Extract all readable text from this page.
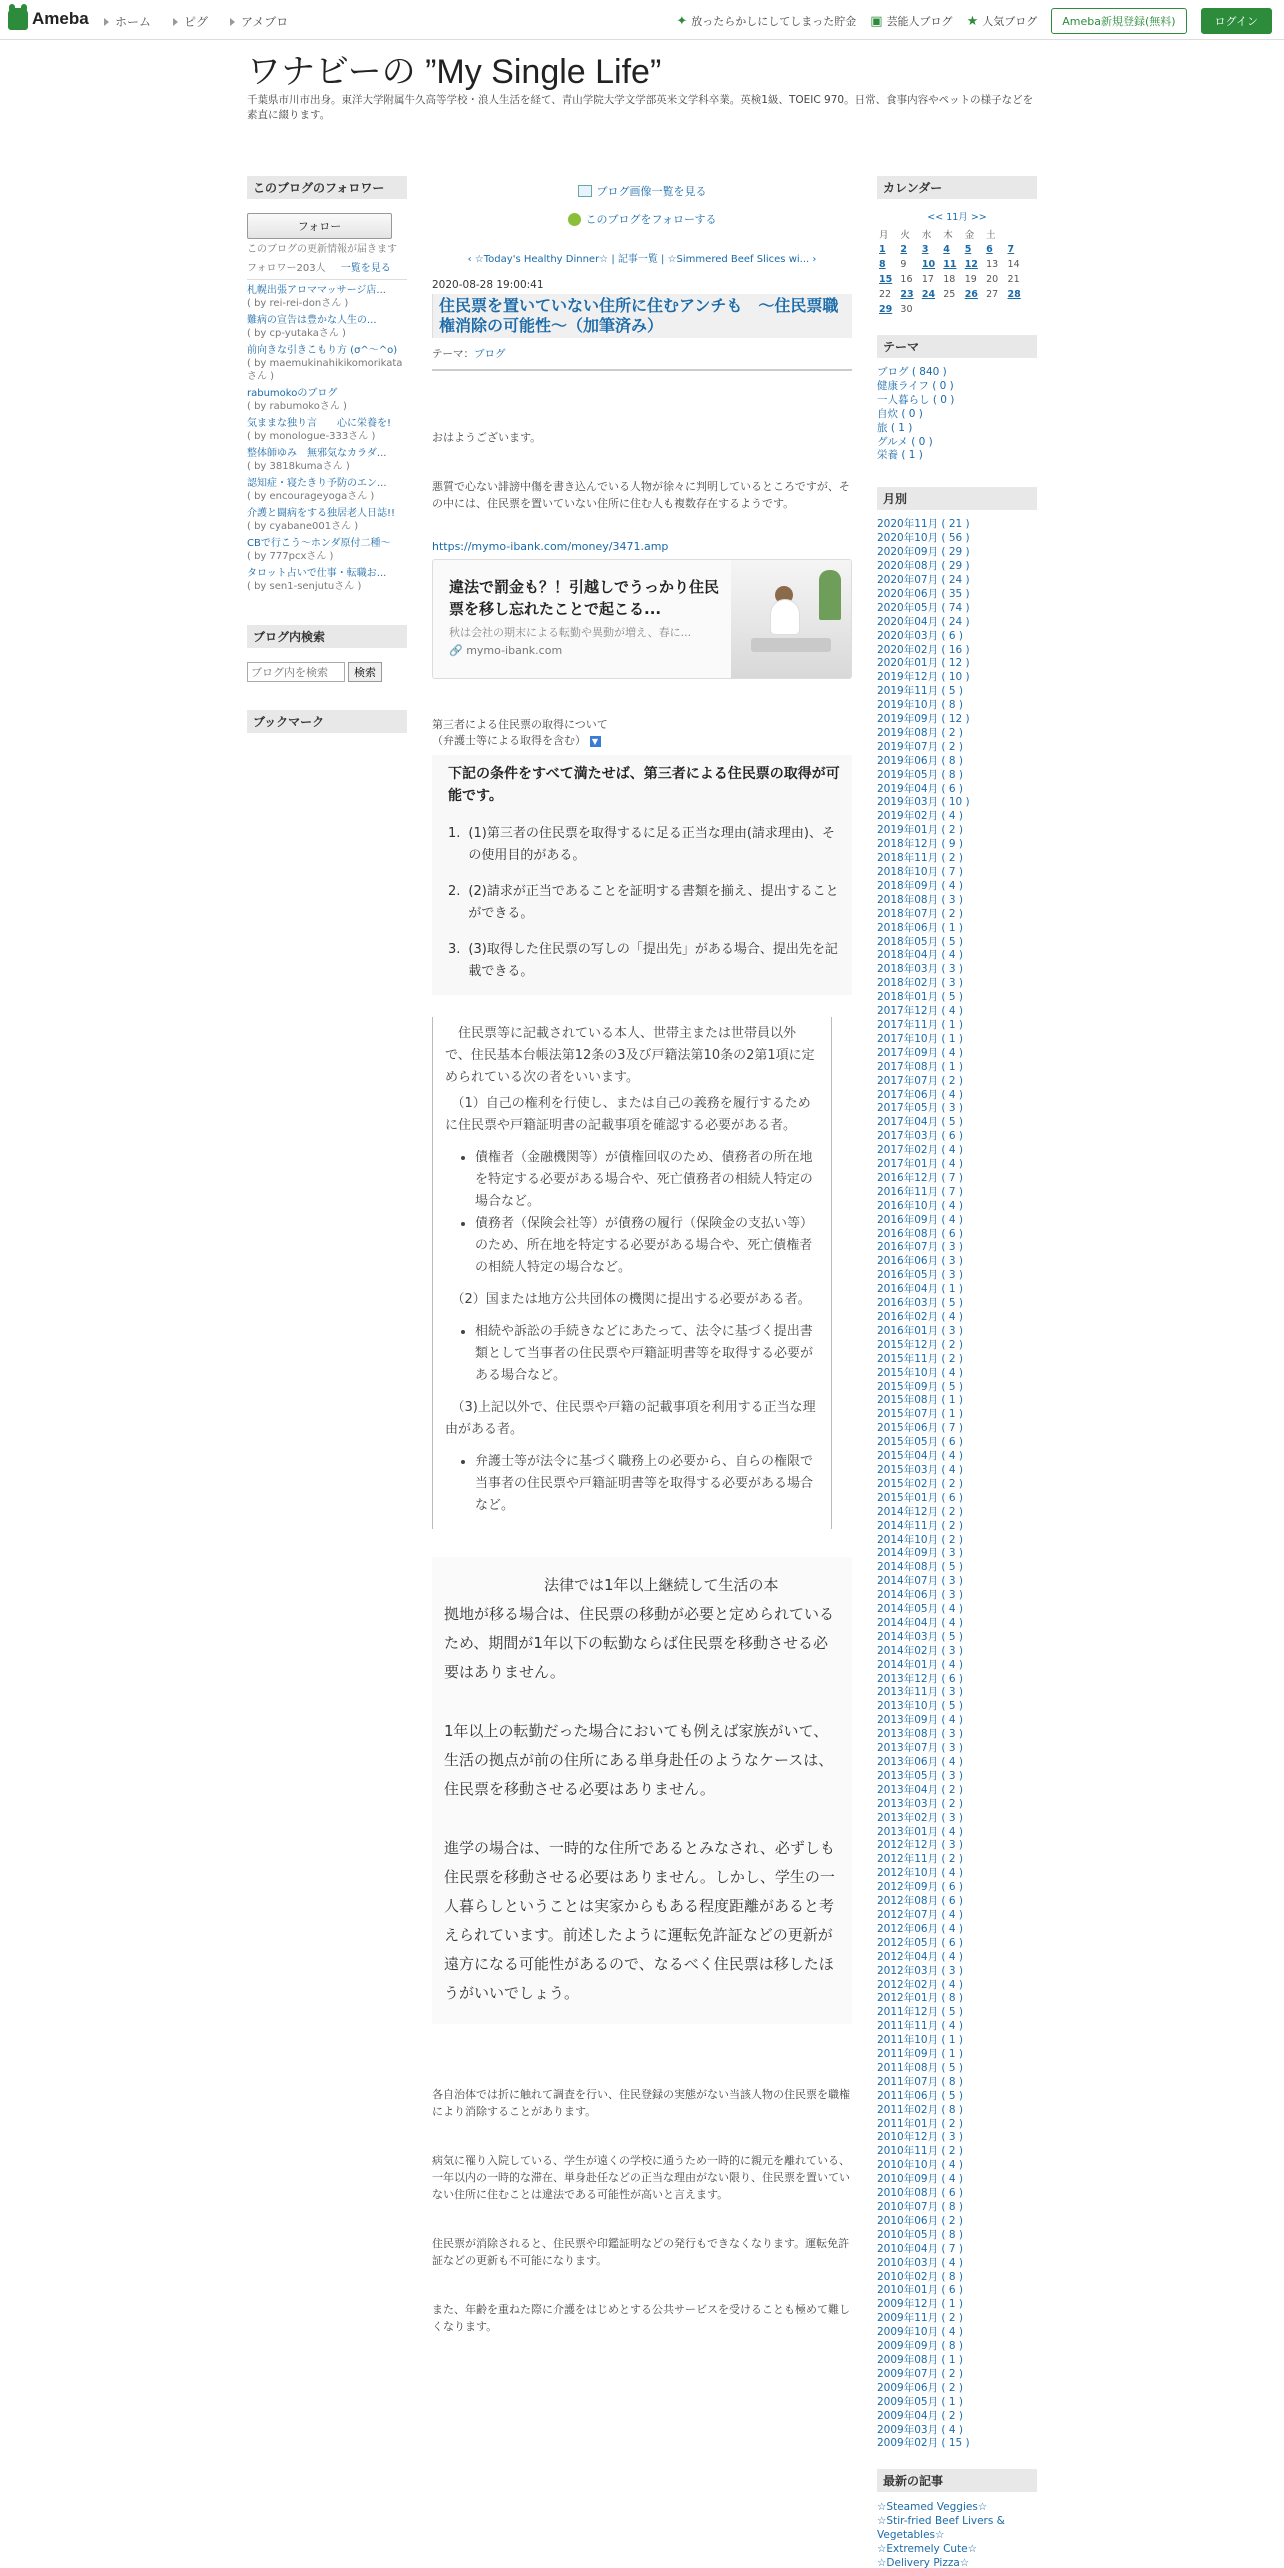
Ameba ホーム	ピグ	アメブロ	✦ 放ったらかしにしてしまった貯金 ▣ 芸能人ブログ ★ 人気ブログ	Ameba新規登録(無料)	ログイン
ワナビーの ”My Single Life”
千葉県市川市出身。東洋大学附属牛久高等学校・浪人生活を経て、青山学院大学文学部英米文学科卒業。英検1級、TOEIC 970。日常、食事内容やペットの様子などを素直に綴ります。
このブログのフォロワー
フォロー
このブログの更新情報が届きます
フォロワー203人 一覧を見る
札幌出張アロママッサージ店...
( by rei-rei-donさん )
難病の宣告は豊かな人生の...
( by cp-yutakaさん )
前向きな引きこもり方 (σ^～^o)
( by maemukinahikikomorikataさん )
rabumokoのブログ
( by rabumokoさん )
気ままな独り言　　心に栄養を!
( by monologue-333さん )
整体師ゆみ　無邪気なカラダ...
( by 3818kumaさん )
認知症・寝たきり予防のエン...
( by encourageyogaさん )
介護と闘病をする独居老人日誌!!
( by cyabane001さん )
CBで行こう〜ホンダ原付二種〜
( by 777pcxさん )
タロット占いで仕事・転職お...
( by sen1-senjutuさん )
ブログ内検索
ブログ内を検索
検索
ブックマーク
ブログ画像一覧を見る
このブログをフォローする
‹ ☆Today's Healthy Dinner☆ | 記事一覧 | ☆Simmered Beef Slices wi... ›
2020-08-28 19:00:41
住民票を置いていない住所に住むアンチも　〜住民票職権消除の可能性〜（加筆済み）
テーマ：ブログ
おはようございます。
悪質で心ない誹謗中傷を書き込んでいる人物が徐々に判明しているところですが、その中には、住民票を置いていない住所に住む人も複数存在するようです。
https://mymo-ibank.com/money/3471.amp
違法で罰金も？！引越しでうっかり住民票を移し忘れたことで起こる...
秋は会社の期末による転勤や異動が増え、春に...
🔗 mymo-ibank.com
第三者による住民票の取得について
（弁護士等による取得を含む） ▼
下記の条件をすべて満たせば、第三者による住民票の取得が可能です。
1. (1)第三者の住民票を取得するに足る正当な理由(請求理由)、その使用目的がある。
2. (2)請求が正当であることを証明する書類を揃え、提出することができる。
3. (3)取得した住民票の写しの「提出先」がある場合、提出先を記載できる。

住民票等に記載されている本人、世帯主または世帯員以外で、住民基本台帳法第12条の3及び戸籍法第10条の2第1項に定められている次の者をいいます。

（1）自己の権利を行使し、または自己の義務を履行するために住民票や戸籍証明書の記載事項を確認する必要がある者。

• 債権者（金融機関等）が債権回収のため、債務者の所在地を特定する必要がある場合や、死亡債務者の相続人特定の場合など。
• 債務者（保険会社等）が債務の履行（保険金の支払い等）のため、所在地を特定する必要がある場合や、死亡債権者の相続人特定の場合など。

（2）国または地方公共団体の機関に提出する必要がある者。

• 相続や訴訟の手続きなどにあたって、法令に基づく提出書類として当事者の住民票や戸籍証明書等を取得する必要がある場合など。

（3)上記以外で、住民票や戸籍の記載事項を利用する正当な理由がある者。

• 弁護士等が法令に基づく職務上の必要から、自らの権限で当事者の住民票や戸籍証明書等を取得する必要がある場合など。

法律では1年以上継続して生活の本
拠地が移る場合は、住民票の移動が必要と定められているため、期間が1年以下の転勤ならば住民票を移動させる必要はありません。

1年以上の転勤だった場合においても例えば家族がいて、生活の拠点が前の住所にある単身赴任のようなケースは、住民票を移動させる必要はありません。

進学の場合は、一時的な住所であるとみなされ、必ずしも住民票を移動させる必要はありません。しかし、学生の一人暮らしということは実家からもある程度距離があると考えられています。前述したように運転免許証などの更新が遠方になる可能性があるので、なるべく住民票は移したほうがいいでしょう。

各自治体では折に触れて調査を行い、住民登録の実態がない当該人物の住民票を職権により消除することがあります。
病気に罹り入院している、学生が遠くの学校に通うため一時的に親元を離れている、一年以内の一時的な滞在、単身赴任などの正当な理由がない限り、住民票を置いていない住所に住むことは違法である可能性が高いと言えます。
住民票が消除されると、住民票や印鑑証明などの発行もできなくなります。運転免許証などの更新も不可能になります。
また、年齢を重ねた際に介護をはじめとする公共サービスを受けることも極めて難しくなります。
カレンダー
<< 11月 >>
月	火	水	木	金	土	
1	2	3	4	5	6	7
8	9	10	11	12	13	14
15	16	17	18	19	20	21
22	23	24	25	26	27	28
29	30					
テーマ
ブログ ( 840 )
健康ライフ ( 0 )
一人暮らし ( 0 )
自炊 ( 0 )
旅 ( 1 )
グルメ ( 0 )
栄養 ( 1 )
月別
2020年11月 ( 21 )
2020年10月 ( 56 )
2020年09月 ( 29 )
2020年08月 ( 29 )
2020年07月 ( 24 )
2020年06月 ( 35 )
2020年05月 ( 74 )
2020年04月 ( 24 )
2020年03月 ( 6 )
2020年02月 ( 16 )
2020年01月 ( 12 )
2019年12月 ( 10 )
2019年11月 ( 5 )
2019年10月 ( 8 )
2019年09月 ( 12 )
2019年08月 ( 2 )
2019年07月 ( 2 )
2019年06月 ( 8 )
2019年05月 ( 8 )
2019年04月 ( 6 )
2019年03月 ( 10 )
2019年02月 ( 4 )
2019年01月 ( 2 )
2018年12月 ( 9 )
2018年11月 ( 2 )
2018年10月 ( 7 )
2018年09月 ( 4 )
2018年08月 ( 3 )
2018年07月 ( 2 )
2018年06月 ( 1 )
2018年05月 ( 5 )
2018年04月 ( 4 )
2018年03月 ( 3 )
2018年02月 ( 3 )
2018年01月 ( 5 )
2017年12月 ( 4 )
2017年11月 ( 1 )
2017年10月 ( 1 )
2017年09月 ( 4 )
2017年08月 ( 1 )
2017年07月 ( 2 )
2017年06月 ( 4 )
2017年05月 ( 3 )
2017年04月 ( 5 )
2017年03月 ( 6 )
2017年02月 ( 4 )
2017年01月 ( 4 )
2016年12月 ( 7 )
2016年11月 ( 7 )
2016年10月 ( 4 )
2016年09月 ( 4 )
2016年08月 ( 6 )
2016年07月 ( 3 )
2016年06月 ( 3 )
2016年05月 ( 3 )
2016年04月 ( 1 )
2016年03月 ( 5 )
2016年02月 ( 4 )
2016年01月 ( 3 )
2015年12月 ( 2 )
2015年11月 ( 2 )
2015年10月 ( 4 )
2015年09月 ( 5 )
2015年08月 ( 1 )
2015年07月 ( 1 )
2015年06月 ( 7 )
2015年05月 ( 6 )
2015年04月 ( 4 )
2015年03月 ( 4 )
2015年02月 ( 2 )
2015年01月 ( 6 )
2014年12月 ( 2 )
2014年11月 ( 2 )
2014年10月 ( 2 )
2014年09月 ( 3 )
2014年08月 ( 5 )
2014年07月 ( 3 )
2014年06月 ( 3 )
2014年05月 ( 4 )
2014年04月 ( 4 )
2014年03月 ( 5 )
2014年02月 ( 3 )
2014年01月 ( 4 )
2013年12月 ( 6 )
2013年11月 ( 3 )
2013年10月 ( 5 )
2013年09月 ( 4 )
2013年08月 ( 3 )
2013年07月 ( 3 )
2013年06月 ( 4 )
2013年05月 ( 3 )
2013年04月 ( 2 )
2013年03月 ( 2 )
2013年02月 ( 3 )
2013年01月 ( 4 )
2012年12月 ( 3 )
2012年11月 ( 2 )
2012年10月 ( 4 )
2012年09月 ( 6 )
2012年08月 ( 6 )
2012年07月 ( 4 )
2012年06月 ( 4 )
2012年05月 ( 6 )
2012年04月 ( 4 )
2012年03月 ( 3 )
2012年02月 ( 4 )
2012年01月 ( 8 )
2011年12月 ( 5 )
2011年11月 ( 4 )
2011年10月 ( 1 )
2011年09月 ( 1 )
2011年08月 ( 5 )
2011年07月 ( 8 )
2011年06月 ( 5 )
2011年02月 ( 8 )
2011年01月 ( 2 )
2010年12月 ( 3 )
2010年11月 ( 2 )
2010年10月 ( 4 )
2010年09月 ( 4 )
2010年08月 ( 6 )
2010年07月 ( 8 )
2010年06月 ( 2 )
2010年05月 ( 8 )
2010年04月 ( 7 )
2010年03月 ( 4 )
2010年02月 ( 8 )
2010年01月 ( 6 )
2009年12月 ( 1 )
2009年11月 ( 2 )
2009年10月 ( 4 )
2009年09月 ( 8 )
2009年08月 ( 1 )
2009年07月 ( 2 )
2009年06月 ( 2 )
2009年05月 ( 1 )
2009年04月 ( 2 )
2009年03月 ( 4 )
2009年02月 ( 15 )
最新の記事
☆Steamed Veggies☆
☆Stir-fried Beef Livers & Vegetables☆
☆Extremely Cute☆
☆Delivery Pizza☆
